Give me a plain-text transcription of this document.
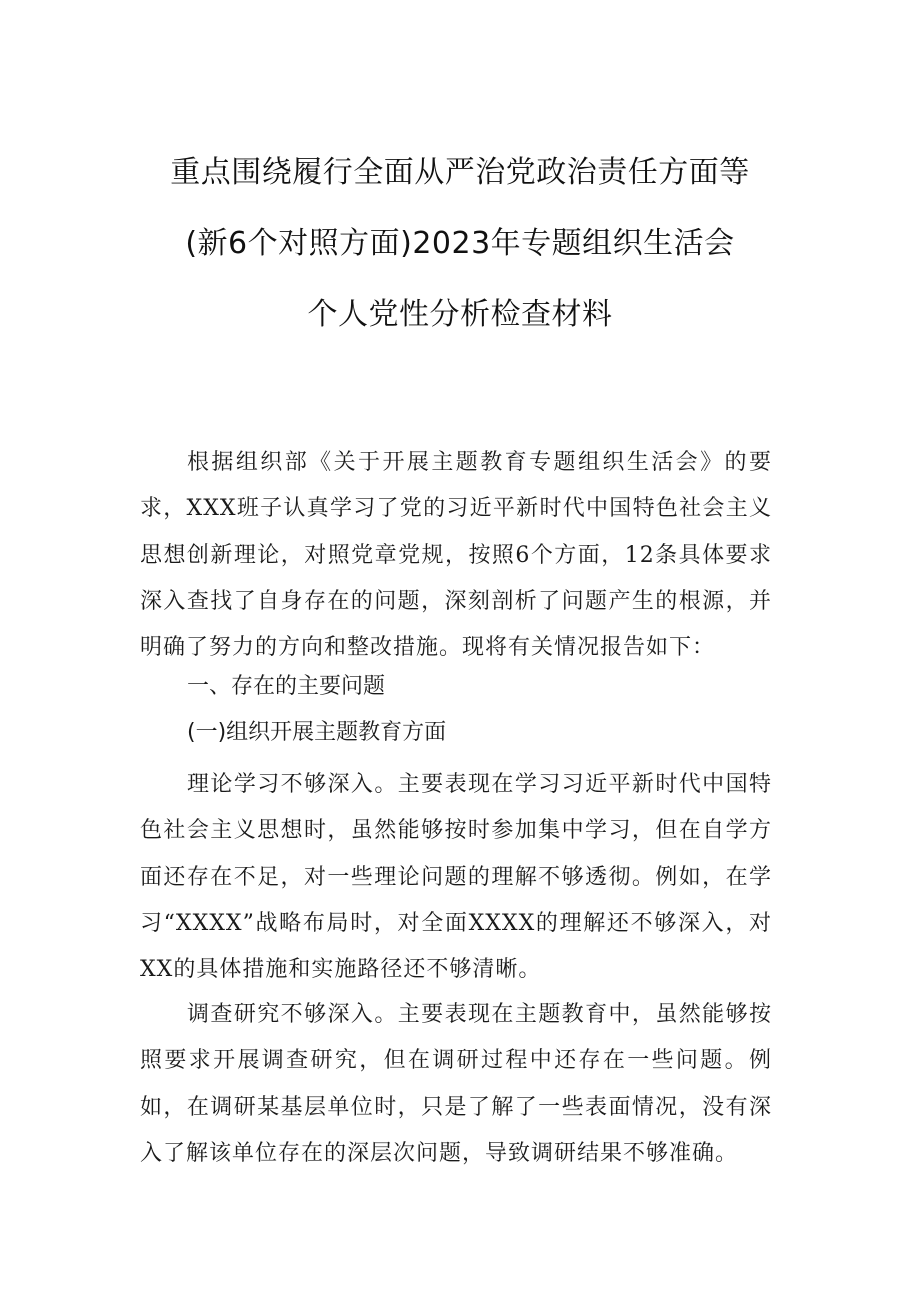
重点围绕履行全面从严治党政治责任方面等
(新6个对照方面)2023年专题组织生活会
个人党性分析检查材料

根据组织部《关于开展主题教育专题组织生活会》的要求，XXX班子认真学习了党的习近平新时代中国特色社会主义思想创新理论，对照党章党规，按照6个方面，12条具体要求深入查找了自身存在的问题，深刻剖析了问题产生的根源，并明确了努力的方向和整改措施。现将有关情况报告如下：

一、存在的主要问题
(一)组织开展主题教育方面

理论学习不够深入。主要表现在学习习近平新时代中国特色社会主义思想时，虽然能够按时参加集中学习，但在自学方面还存在不足，对一些理论问题的理解不够透彻。例如，在学习“XXXX”战略布局时，对全面XXXX的理解还不够深入，对XX的具体措施和实施路径还不够清晰。

调查研究不够深入。主要表现在主题教育中，虽然能够按照要求开展调查研究，但在调研过程中还存在一些问题。例如，在调研某基层单位时，只是了解了一些表面情况，没有深入了解该单位存在的深层次问题，导致调研结果不够准确。
